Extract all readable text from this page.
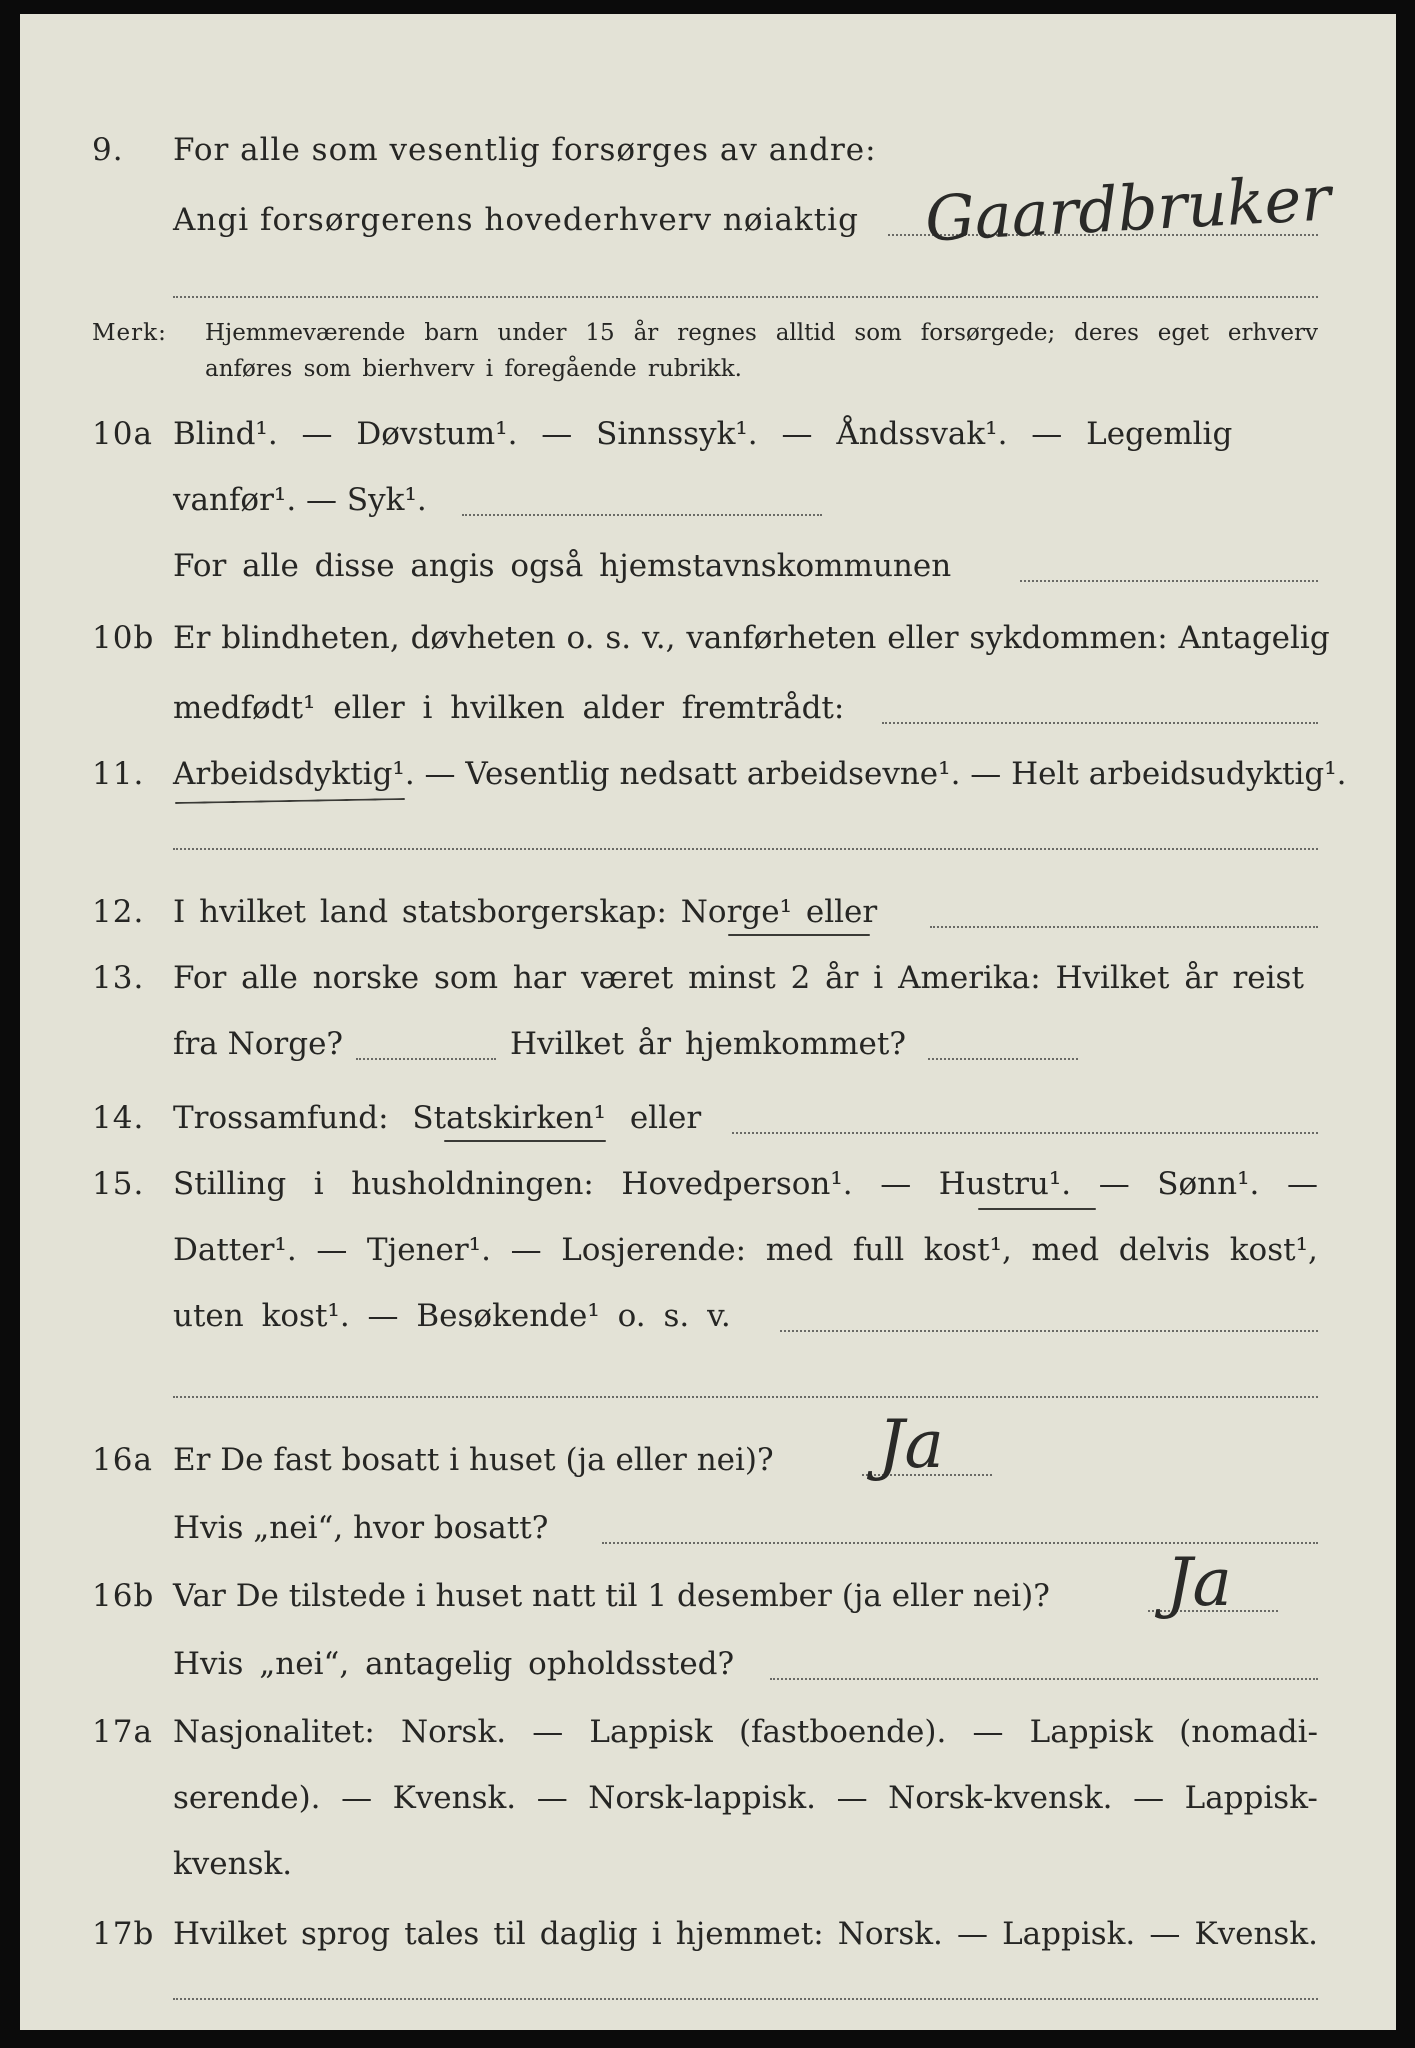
9. For alle som vesentlig forsørges av andre:
Angi forsørgerens hovederhverv nøiaktig Gaardbruker
Merk: Hjemmeværende barn under 15 år regnes alltid som forsørgede; deres eget erhverv
anføres som bierhverv i foregående rubrikk.
10a Blind¹. — Døvstum¹. — Sinnssyk¹. — Åndssvak¹. — Legemlig
vanfør¹. — Syk¹.
For alle disse angis også hjemstavnskommunen
10b Er blindheten, døvheten o. s. v., vanførheten eller sykdommen: Antagelig
medfødt¹ eller i hvilken alder fremtrådt:
11. Arbeidsdyktig¹. — Vesentlig nedsatt arbeidsevne¹. — Helt arbeidsudyktig¹.
12. I hvilket land statsborgerskap: Norge¹ eller
13. For alle norske som har været minst 2 år i Amerika: Hvilket år reist
fra Norge?	Hvilket år hjemkommet?
14. Trossamfund: Statskirken¹ eller
15. Stilling i husholdningen: Hovedperson¹. — Hustru¹. — Sønn¹. —
Datter¹. — Tjener¹. — Losjerende: med full kost¹, med delvis kost¹,
uten kost¹. — Besøkende¹ o. s. v.
16a Er De fast bosatt i huset (ja eller nei)? Ja
Hvis „nei“, hvor bosatt?
16b Var De tilstede i huset natt til 1 desember (ja eller nei)? Ja
Hvis „nei“, antagelig opholdssted?
17a Nasjonalitet: Norsk. — Lappisk (fastboende). — Lappisk (nomadi-
serende). — Kvensk. — Norsk-lappisk. — Norsk-kvensk. — Lappisk-
kvensk.
17b Hvilket sprog tales til daglig i hjemmet: Norsk. — Lappisk. — Kvensk.
